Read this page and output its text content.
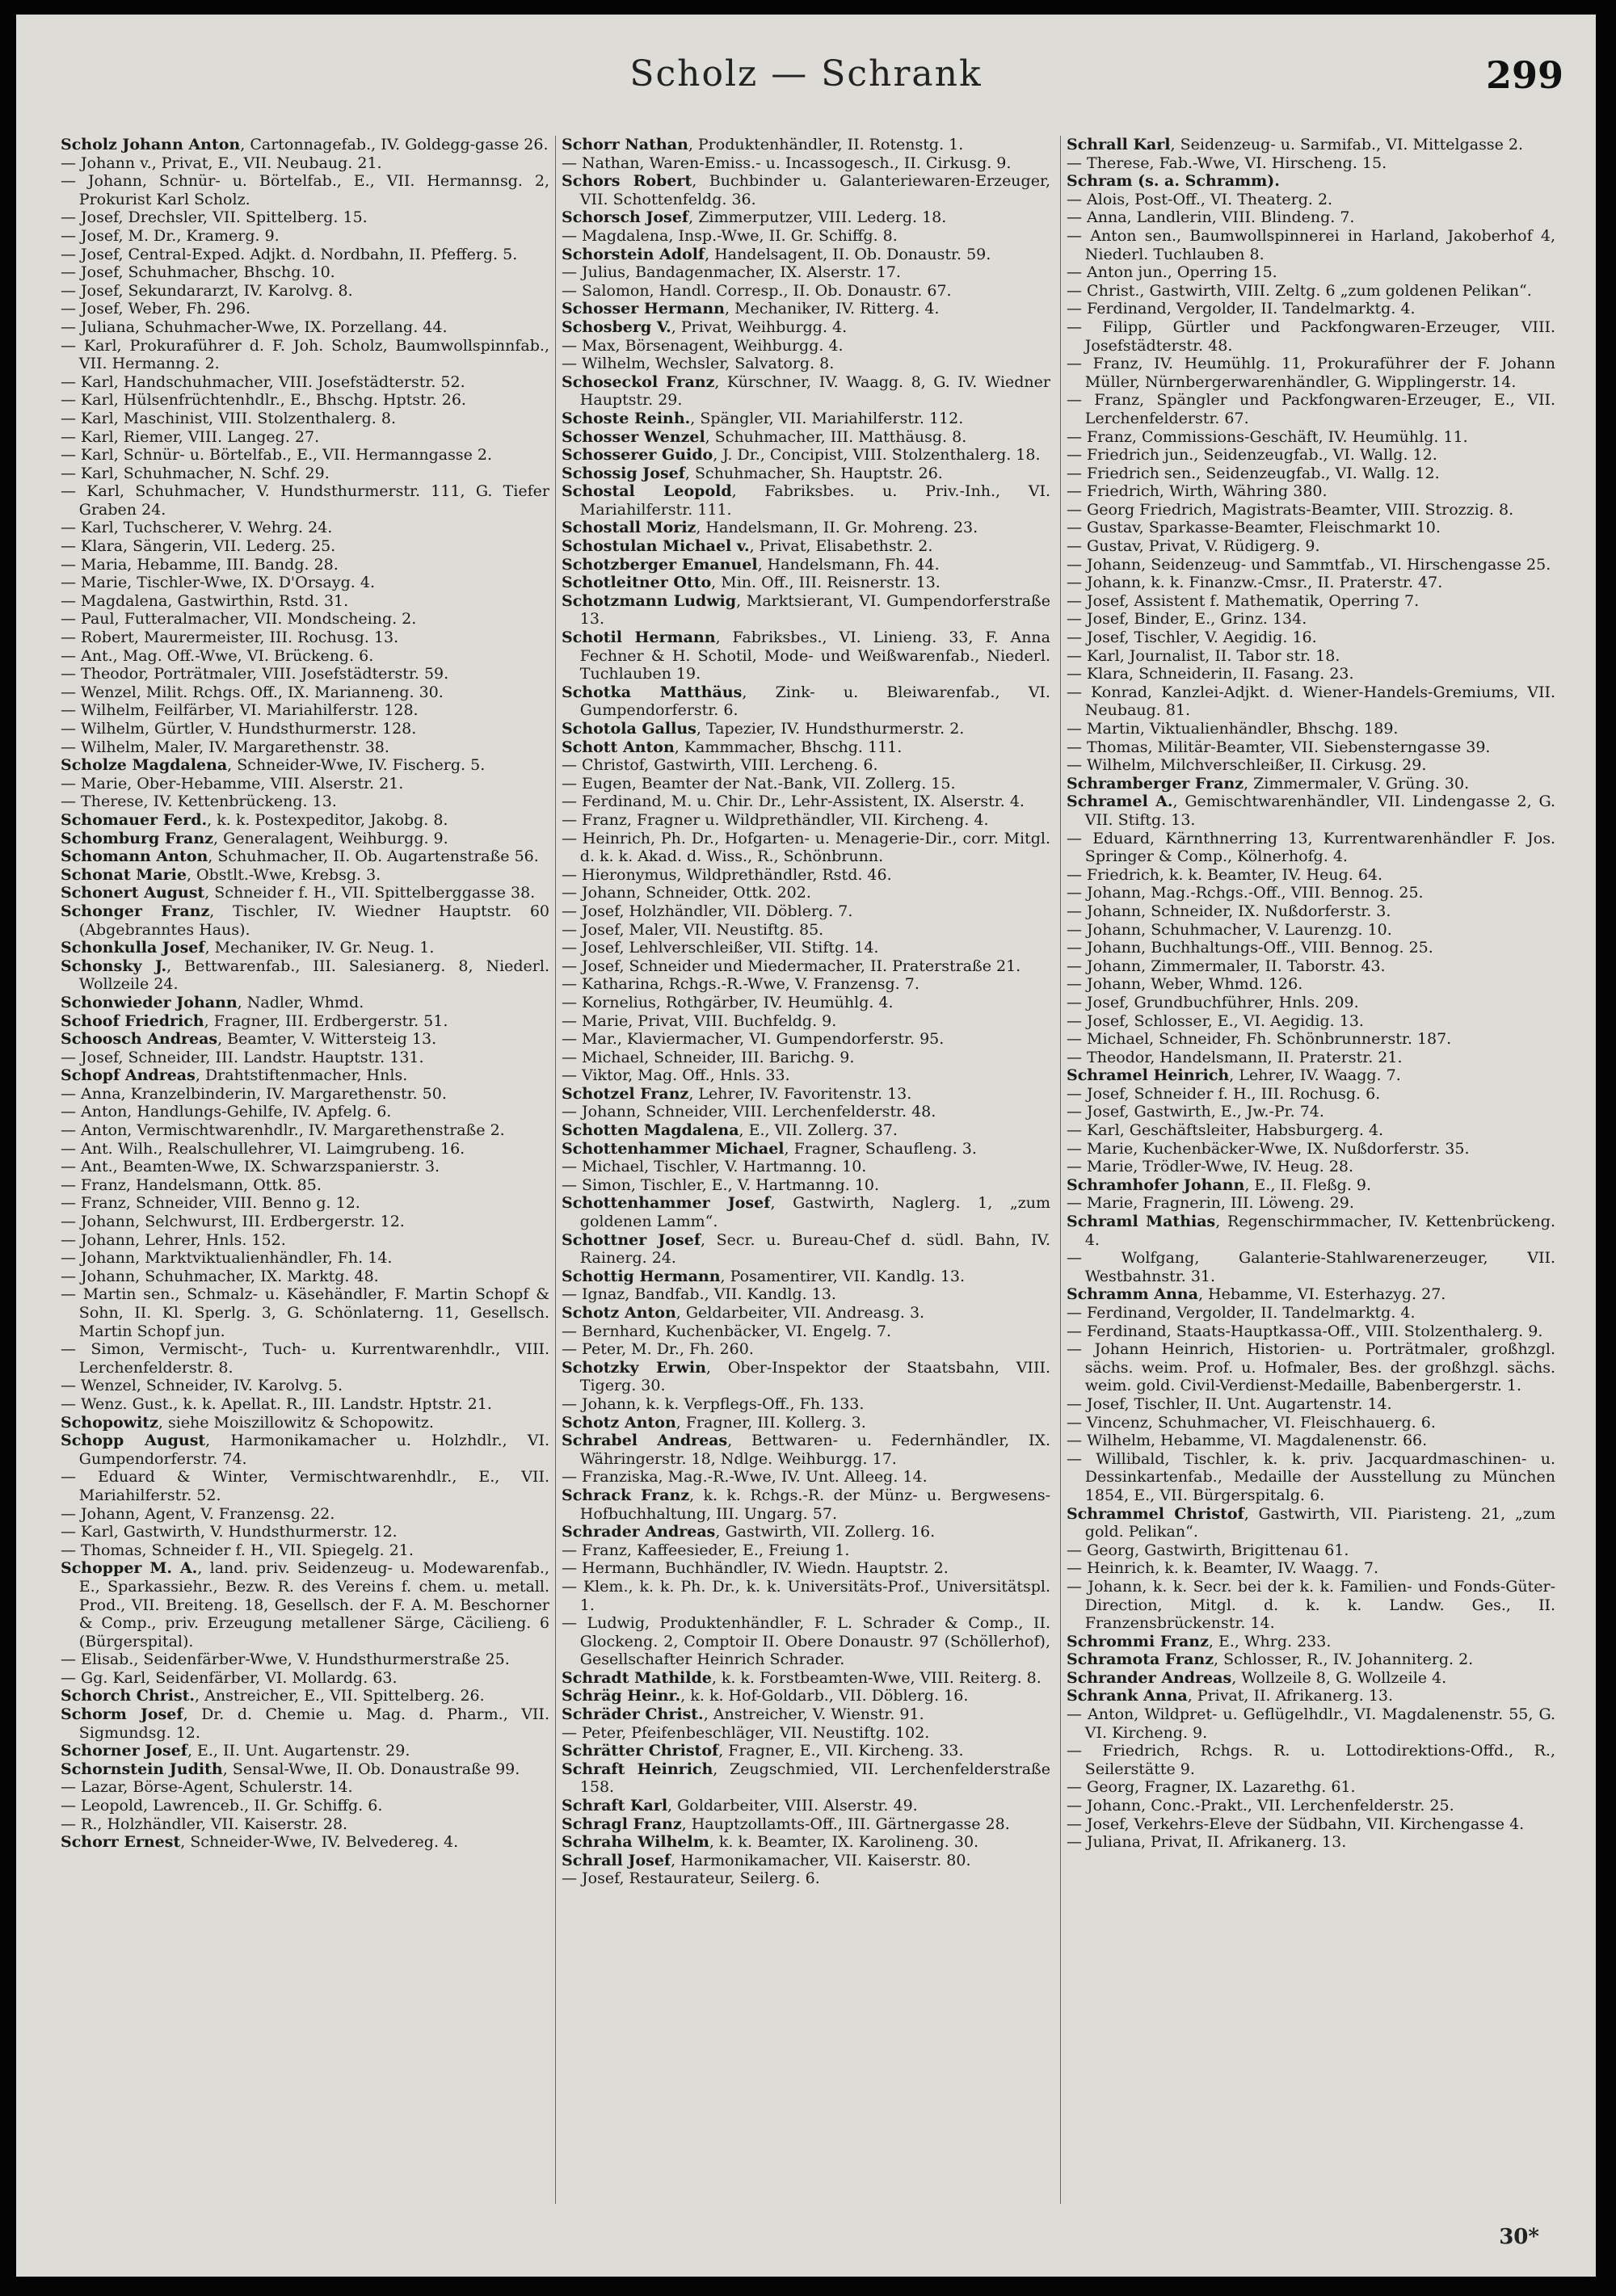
Scholz — Schrank	299

Scholz Johann Anton, Cartonnagefab., IV. Goldegg-gasse 26.

— Johann v., Privat, E., VII. Neubaug. 21.

— Johann, Schnür- u. Börtelfab., E., VII. Hermannsg. 2, Prokurist Karl Scholz.

— Josef, Drechsler, VII. Spittelberg. 15.

— Josef, M. Dr., Kramerg. 9.

— Josef, Central-Exped. Adjkt. d. Nordbahn, II. Pfefferg. 5.

— Josef, Schuhmacher, Bhschg. 10.

— Josef, Sekundararzt, IV. Karolvg. 8.

— Josef, Weber, Fh. 296.

— Juliana, Schuhmacher-Wwe, IX. Porzellang. 44.

— Karl, Prokuraführer d. F. Joh. Scholz, Baumwollspinnfab., VII. Hermanng. 2.

— Karl, Handschuhmacher, VIII. Josefstädterstr. 52.

— Karl, Hülsenfrüchtenhdlr., E., Bhschg. Hptstr. 26.

— Karl, Maschinist, VIII. Stolzenthalerg. 8.

— Karl, Riemer, VIII. Langeg. 27.

— Karl, Schnür- u. Börtelfab., E., VII. Hermanngasse 2.

— Karl, Schuhmacher, N. Schf. 29.

— Karl, Schuhmacher, V. Hundsthurmerstr. 111, G. Tiefer Graben 24.

— Karl, Tuchscherer, V. Wehrg. 24.

— Klara, Sängerin, VII. Lederg. 25.

— Maria, Hebamme, III. Bandg. 28.

— Marie, Tischler-Wwe, IX. D'Orsayg. 4.

— Magdalena, Gastwirthin, Rstd. 31.

— Paul, Futteralmacher, VII. Mondscheing. 2.

— Robert, Maurermeister, III. Rochusg. 13.

— Ant., Mag. Off.-Wwe, VI. Brückeng. 6.

— Theodor, Porträtmaler, VIII. Josefstädterstr. 59.

— Wenzel, Milit. Rchgs. Off., IX. Marianneng. 30.

— Wilhelm, Feilfärber, VI. Mariahilferstr. 128.

— Wilhelm, Gürtler, V. Hundsthurmerstr. 128.

— Wilhelm, Maler, IV. Margarethenstr. 38.

Scholze Magdalena, Schneider-Wwe, IV. Fischerg. 5.

— Marie, Ober-Hebamme, VIII. Alserstr. 21.

— Therese, IV. Kettenbrückeng. 13.

Schomauer Ferd., k. k. Postexpeditor, Jakobg. 8.

Schomburg Franz, Generalagent, Weihburgg. 9.

Schomann Anton, Schuhmacher, II. Ob. Augartenstraße 56.

Schonat Marie, Obstlt.-Wwe, Krebsg. 3.

Schonert August, Schneider f. H., VII. Spittelberggasse 38.

Schonger Franz, Tischler, IV. Wiedner Hauptstr. 60 (Abgebranntes Haus).

Schonkulla Josef, Mechaniker, IV. Gr. Neug. 1.

Schonsky J., Bettwarenfab., III. Salesianerg. 8, Niederl. Wollzeile 24.

Schonwieder Johann, Nadler, Whmd.

Schoof Friedrich, Fragner, III. Erdbergerstr. 51.

Schoosch Andreas, Beamter, V. Wittersteig 13.

— Josef, Schneider, III. Landstr. Hauptstr. 131.

Schopf Andreas, Drahtstiftenmacher, Hnls.

— Anna, Kranzelbinderin, IV. Margarethenstr. 50.

— Anton, Handlungs-Gehilfe, IV. Apfelg. 6.

— Anton, Vermischtwarenhdlr., IV. Margarethenstraße 2.

— Ant. Wilh., Realschullehrer, VI. Laimgrubeng. 16.

— Ant., Beamten-Wwe, IX. Schwarzspanierstr. 3.

— Franz, Handelsmann, Ottk. 85.

— Franz, Schneider, VIII. Benno g. 12.

— Johann, Selchwurst, III. Erdbergerstr. 12.

— Johann, Lehrer, Hnls. 152.

— Johann, Marktviktualienhändler, Fh. 14.

— Johann, Schuhmacher, IX. Marktg. 48.

— Martin sen., Schmalz- u. Käsehändler, F. Martin Schopf & Sohn, II. Kl. Sperlg. 3, G. Schönlaterng. 11, Gesellsch. Martin Schopf jun.

— Simon, Vermischt-, Tuch- u. Kurrentwarenhdlr., VIII. Lerchenfelderstr. 8.

— Wenzel, Schneider, IV. Karolvg. 5.

— Wenz. Gust., k. k. Apellat. R., III. Landstr. Hptstr. 21.

Schopowitz, siehe Moiszillowitz & Schopowitz.

Schopp August, Harmonikamacher u. Holzhdlr., VI. Gumpendorferstr. 74.

— Eduard & Winter, Vermischtwarenhdlr., E., VII. Mariahilferstr. 52.

— Johann, Agent, V. Franzensg. 22.

— Karl, Gastwirth, V. Hundsthurmerstr. 12.

— Thomas, Schneider f. H., VII. Spiegelg. 21.

Schopper M. A., land. priv. Seidenzeug- u. Modewarenfab., E., Sparkassiehr., Bezw. R. des Vereins f. chem. u. metall. Prod., VII. Breiteng. 18, Gesellsch. der F. A. M. Beschorner & Comp., priv. Erzeugung metallener Särge, Cäcilieng. 6 (Bürgerspital).

— Elisab., Seidenfärber-Wwe, V. Hundsthurmerstraße 25.

— Gg. Karl, Seidenfärber, VI. Mollardg. 63.

Schorch Christ., Anstreicher, E., VII. Spittelberg. 26.

Schorm Josef, Dr. d. Chemie u. Mag. d. Pharm., VII. Sigmundsg. 12.

Schorner Josef, E., II. Unt. Augartenstr. 29.

Schornstein Judith, Sensal-Wwe, II. Ob. Donaustraße 99.

— Lazar, Börse-Agent, Schulerstr. 14.

— Leopold, Lawrenceb., II. Gr. Schiffg. 6.

— R., Holzhändler, VII. Kaiserstr. 28.

Schorr Ernest, Schneider-Wwe, IV. Belvedereg. 4.

Schorr Nathan, Produktenhändler, II. Rotenstg. 1.

— Nathan, Waren-Emiss.- u. Incassogesch., II. Cirkusg. 9.

Schors Robert, Buchbinder u. Galanteriewaren-Erzeuger, VII. Schottenfeldg. 36.

Schorsch Josef, Zimmerputzer, VIII. Lederg. 18.

— Magdalena, Insp.-Wwe, II. Gr. Schiffg. 8.

Schorstein Adolf, Handelsagent, II. Ob. Donaustr. 59.

— Julius, Bandagenmacher, IX. Alserstr. 17.

— Salomon, Handl. Corresp., II. Ob. Donaustr. 67.

Schosser Hermann, Mechaniker, IV. Ritterg. 4.

Schosberg V., Privat, Weihburgg. 4.

— Max, Börsenagent, Weihburgg. 4.

— Wilhelm, Wechsler, Salvatorg. 8.

Schoseckol Franz, Kürschner, IV. Waagg. 8, G. IV. Wiedner Hauptstr. 29.

Schoste Reinh., Spängler, VII. Mariahilferstr. 112.

Schosser Wenzel, Schuhmacher, III. Matthäusg. 8.

Schosserer Guido, J. Dr., Concipist, VIII. Stolzenthalerg. 18.

Schossig Josef, Schuhmacher, Sh. Hauptstr. 26.

Schostal Leopold, Fabriksbes. u. Priv.-Inh., VI. Mariahilferstr. 111.

Schostall Moriz, Handelsmann, II. Gr. Mohreng. 23.

Schostulan Michael v., Privat, Elisabethstr. 2.

Schotzberger Emanuel, Handelsmann, Fh. 44.

Schotleitner Otto, Min. Off., III. Reisnerstr. 13.

Schotzmann Ludwig, Marktsierant, VI. Gumpendorferstraße 13.

Schotil Hermann, Fabriksbes., VI. Linieng. 33, F. Anna Fechner & H. Schotil, Mode- und Weißwarenfab., Niederl. Tuchlauben 19.

Schotka Matthäus, Zink- u. Bleiwarenfab., VI. Gumpendorferstr. 6.

Schotola Gallus, Tapezier, IV. Hundsthurmerstr. 2.

Schott Anton, Kammmacher, Bhschg. 111.

— Christof, Gastwirth, VIII. Lercheng. 6.

— Eugen, Beamter der Nat.-Bank, VII. Zollerg. 15.

— Ferdinand, M. u. Chir. Dr., Lehr-Assistent, IX. Alserstr. 4.

— Franz, Fragner u. Wildprethändler, VII. Kircheng. 4.

— Heinrich, Ph. Dr., Hofgarten- u. Menagerie-Dir., corr. Mitgl. d. k. k. Akad. d. Wiss., R., Schönbrunn.

— Hieronymus, Wildprethändler, Rstd. 46.

— Johann, Schneider, Ottk. 202.

— Josef, Holzhändler, VII. Döblerg. 7.

— Josef, Maler, VII. Neustiftg. 85.

— Josef, Lehlverschleißer, VII. Stiftg. 14.

— Josef, Schneider und Miedermacher, II. Praterstraße 21.

— Katharina, Rchgs.-R.-Wwe, V. Franzensg. 7.

— Kornelius, Rothgärber, IV. Heumühlg. 4.

— Marie, Privat, VIII. Buchfeldg. 9.

— Mar., Klaviermacher, VI. Gumpendorferstr. 95.

— Michael, Schneider, III. Barichg. 9.

— Viktor, Mag. Off., Hnls. 33.

Schotzel Franz, Lehrer, IV. Favoritenstr. 13.

— Johann, Schneider, VIII. Lerchenfelderstr. 48.

Schotten Magdalena, E., VII. Zollerg. 37.

Schottenhammer Michael, Fragner, Schaufleng. 3.

— Michael, Tischler, V. Hartmanng. 10.

— Simon, Tischler, E., V. Hartmanng. 10.

Schottenhammer Josef, Gastwirth, Naglerg. 1, „zum goldenen Lamm“.

Schottner Josef, Secr. u. Bureau-Chef d. südl. Bahn, IV. Rainerg. 24.

Schottig Hermann, Posamentirer, VII. Kandlg. 13.

— Ignaz, Bandfab., VII. Kandlg. 13.

Schotz Anton, Geldarbeiter, VII. Andreasg. 3.

— Bernhard, Kuchenbäcker, VI. Engelg. 7.

— Peter, M. Dr., Fh. 260.

Schotzky Erwin, Ober-Inspektor der Staatsbahn, VIII. Tigerg. 30.

— Johann, k. k. Verpflegs-Off., Fh. 133.

Schotz Anton, Fragner, III. Kollerg. 3.

Schrabel Andreas, Bettwaren- u. Federnhändler, IX. Währingerstr. 18, Ndlge. Weihburgg. 17.

— Franziska, Mag.-R.-Wwe, IV. Unt. Alleeg. 14.

Schrack Franz, k. k. Rchgs.-R. der Münz- u. Bergwesens-Hofbuchhaltung, III. Ungarg. 57.

Schrader Andreas, Gastwirth, VII. Zollerg. 16.

— Franz, Kaffeesieder, E., Freiung 1.

— Hermann, Buchhändler, IV. Wiedn. Hauptstr. 2.

— Klem., k. k. Ph. Dr., k. k. Universitäts-Prof., Universitätspl. 1.

— Ludwig, Produktenhändler, F. L. Schrader & Comp., II. Glockeng. 2, Comptoir II. Obere Donaustr. 97 (Schöllerhof), Gesellschafter Heinrich Schrader.

Schradt Mathilde, k. k. Forstbeamten-Wwe, VIII. Reiterg. 8.

Schräg Heinr., k. k. Hof-Goldarb., VII. Döblerg. 16.

Schräder Christ., Anstreicher, V. Wienstr. 91.

— Peter, Pfeifenbeschläger, VII. Neustiftg. 102.

Schrätter Christof, Fragner, E., VII. Kircheng. 33.

Schraft Heinrich, Zeugschmied, VII. Lerchenfelderstraße 158.

Schraft Karl, Goldarbeiter, VIII. Alserstr. 49.

Schragl Franz, Hauptzollamts-Off., III. Gärtnergasse 28.

Schraha Wilhelm, k. k. Beamter, IX. Karolineng. 30.

Schrall Josef, Harmonikamacher, VII. Kaiserstr. 80.

— Josef, Restaurateur, Seilerg. 6.

Schrall Karl, Seidenzeug- u. Sarmifab., VI. Mittelgasse 2.

— Therese, Fab.-Wwe, VI. Hirscheng. 15.

Schram (s. a. Schramm).

— Alois, Post-Off., VI. Theaterg. 2.

— Anna, Landlerin, VIII. Blindeng. 7.

— Anton sen., Baumwollspinnerei in Harland, Jakoberhof 4, Niederl. Tuchlauben 8.

— Anton jun., Operring 15.

— Christ., Gastwirth, VIII. Zeltg. 6 „zum goldenen Pelikan“.

— Ferdinand, Vergolder, II. Tandelmarktg. 4.

— Filipp, Gürtler und Packfongwaren-Erzeuger, VIII. Josefstädterstr. 48.

— Franz, IV. Heumühlg. 11, Prokuraführer der F. Johann Müller, Nürnbergerwarenhändler, G. Wipplingerstr. 14.

— Franz, Spängler und Packfongwaren-Erzeuger, E., VII. Lerchenfelderstr. 67.

— Franz, Commissions-Geschäft, IV. Heumühlg. 11.

— Friedrich jun., Seidenzeugfab., VI. Wallg. 12.

— Friedrich sen., Seidenzeugfab., VI. Wallg. 12.

— Friedrich, Wirth, Währing 380.

— Georg Friedrich, Magistrats-Beamter, VIII. Strozzig. 8.

— Gustav, Sparkasse-Beamter, Fleischmarkt 10.

— Gustav, Privat, V. Rüdigerg. 9.

— Johann, Seidenzeug- und Sammtfab., VI. Hirschengasse 25.

— Johann, k. k. Finanzw.-Cmsr., II. Praterstr. 47.

— Josef, Assistent f. Mathematik, Operring 7.

— Josef, Binder, E., Grinz. 134.

— Josef, Tischler, V. Aegidig. 16.

— Karl, Journalist, II. Tabor str. 18.

— Klara, Schneiderin, II. Fasang. 23.

— Konrad, Kanzlei-Adjkt. d. Wiener-Handels-Gremiums, VII. Neubaug. 81.

— Martin, Viktualienhändler, Bhschg. 189.

— Thomas, Militär-Beamter, VII. Siebensterngasse 39.

— Wilhelm, Milchverschleißer, II. Cirkusg. 29.

Schramberger Franz, Zimmermaler, V. Grüng. 30.

Schramel A., Gemischtwarenhändler, VII. Lindengasse 2, G. VII. Stiftg. 13.

— Eduard, Kärnthnerring 13, Kurrentwarenhändler F. Jos. Springer & Comp., Kölnerhofg. 4.

— Friedrich, k. k. Beamter, IV. Heug. 64.

— Johann, Mag.-Rchgs.-Off., VIII. Bennog. 25.

— Johann, Schneider, IX. Nußdorferstr. 3.

— Johann, Schuhmacher, V. Laurenzg. 10.

— Johann, Buchhaltungs-Off., VIII. Bennog. 25.

— Johann, Zimmermaler, II. Taborstr. 43.

— Johann, Weber, Whmd. 126.

— Josef, Grundbuchführer, Hnls. 209.

— Josef, Schlosser, E., VI. Aegidig. 13.

— Michael, Schneider, Fh. Schönbrunnerstr. 187.

— Theodor, Handelsmann, II. Praterstr. 21.

Schramel Heinrich, Lehrer, IV. Waagg. 7.

— Josef, Schneider f. H., III. Rochusg. 6.

— Josef, Gastwirth, E., Jw.-Pr. 74.

— Karl, Geschäftsleiter, Habsburgerg. 4.

— Marie, Kuchenbäcker-Wwe, IX. Nußdorferstr. 35.

— Marie, Trödler-Wwe, IV. Heug. 28.

Schramhofer Johann, E., II. Fleßg. 9.

— Marie, Fragnerin, III. Löweng. 29.

Schraml Mathias, Regenschirmmacher, IV. Kettenbrückeng. 4.

— Wolfgang, Galanterie-Stahlwarenerzeuger, VII. Westbahnstr. 31.

Schramm Anna, Hebamme, VI. Esterhazyg. 27.

— Ferdinand, Vergolder, II. Tandelmarktg. 4.

— Ferdinand, Staats-Hauptkassa-Off., VIII. Stolzenthalerg. 9.

— Johann Heinrich, Historien- u. Porträtmaler, großhzgl. sächs. weim. Prof. u. Hofmaler, Bes. der großhzgl. sächs. weim. gold. Civil-Verdienst-Medaille, Babenbergerstr. 1.

— Josef, Tischler, II. Unt. Augartenstr. 14.

— Vincenz, Schuhmacher, VI. Fleischhauerg. 6.

— Wilhelm, Hebamme, VI. Magdalenenstr. 66.

— Willibald, Tischler, k. k. priv. Jacquardmaschinen- u. Dessinkartenfab., Medaille der Ausstellung zu München 1854, E., VII. Bürgerspitalg. 6.

Schrammel Christof, Gastwirth, VII. Piaristeng. 21, „zum gold. Pelikan“.

— Georg, Gastwirth, Brigittenau 61.

— Heinrich, k. k. Beamter, IV. Waagg. 7.

— Johann, k. k. Secr. bei der k. k. Familien- und Fonds-Güter-Direction, Mitgl. d. k. k. Landw. Ges., II. Franzensbrückenstr. 14.

Schrommi Franz, E., Whrg. 233.

Schramota Franz, Schlosser, R., IV. Johanniterg. 2.

Schrander Andreas, Wollzeile 8, G. Wollzeile 4.

Schrank Anna, Privat, II. Afrikanerg. 13.

— Anton, Wildpret- u. Geflügelhdlr., VI. Magdalenenstr. 55, G. VI. Kircheng. 9.

— Friedrich, Rchgs. R. u. Lottodirektions-Offd., R., Seilerstätte 9.

— Georg, Fragner, IX. Lazarethg. 61.

— Johann, Conc.-Prakt., VII. Lerchenfelderstr. 25.

— Josef, Verkehrs-Eleve der Südbahn, VII. Kirchengasse 4.

— Juliana, Privat, II. Afrikanerg. 13.

30*
